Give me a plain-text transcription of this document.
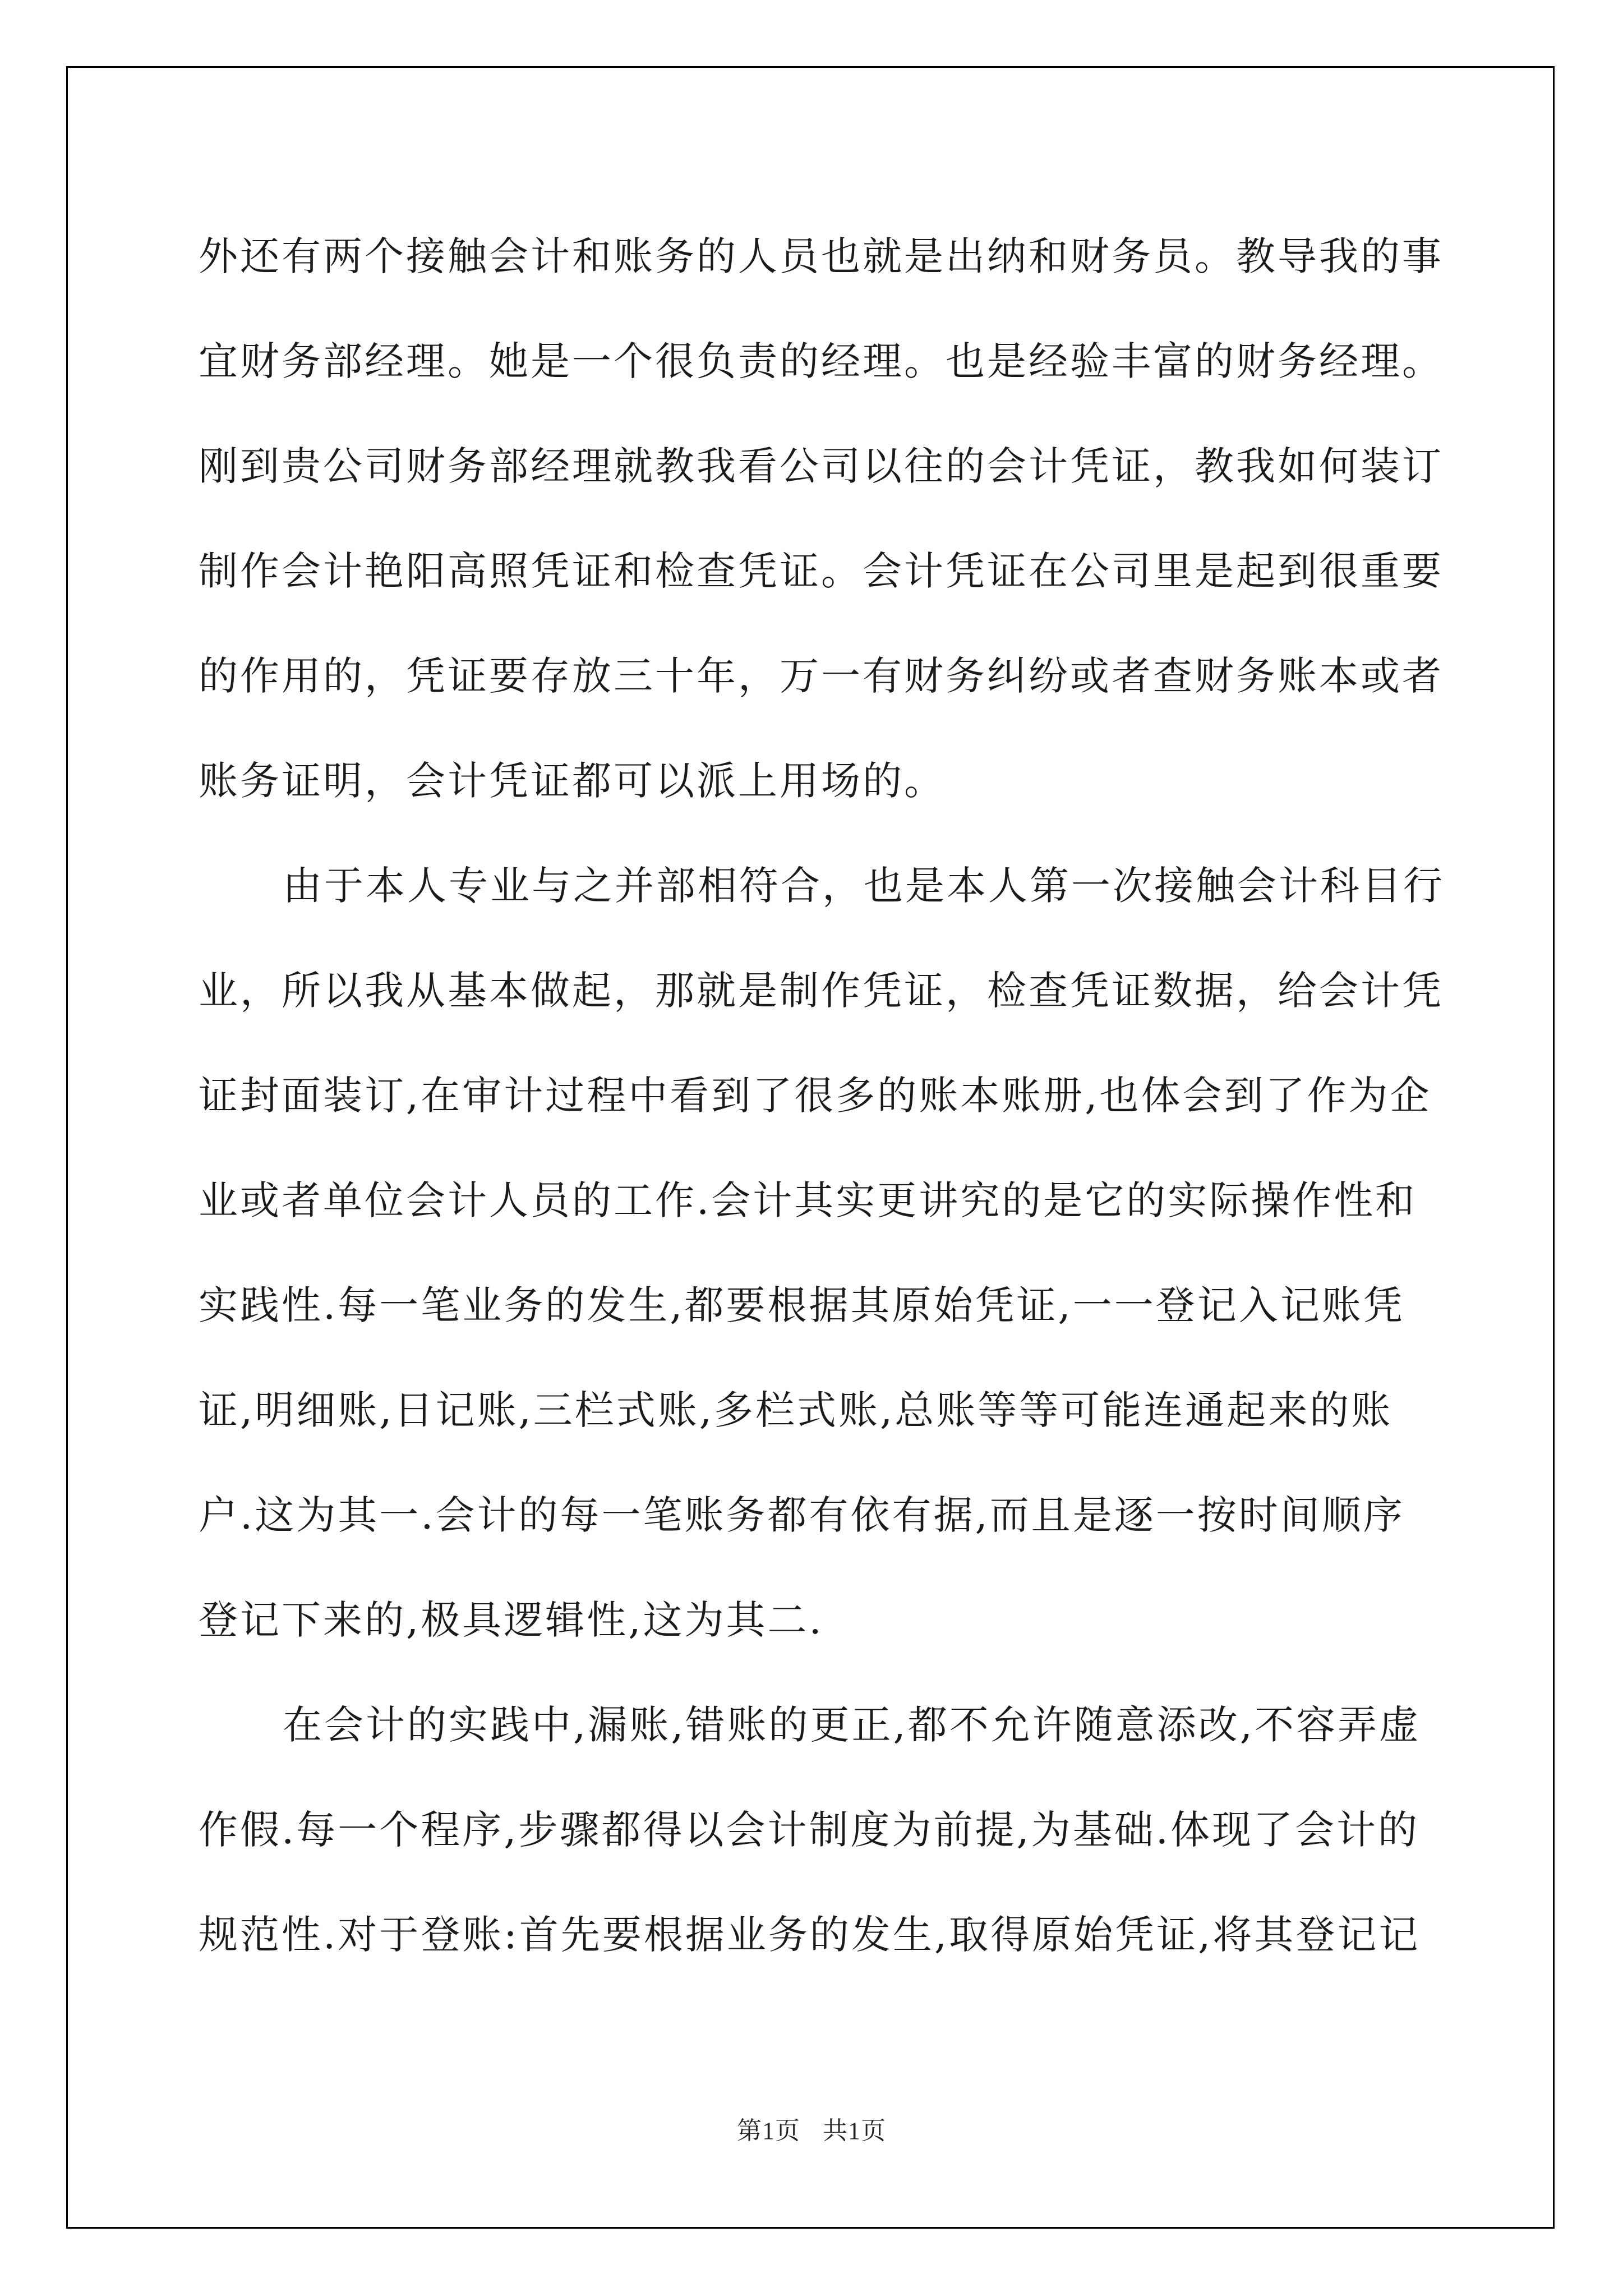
外还有两个接触会计和账务的人员也就是出纳和财务员。教导我的事
宜财务部经理。她是一个很负责的经理。也是经验丰富的财务经理。
刚到贵公司财务部经理就教我看公司以往的会计凭证，教我如何装订
制作会计艳阳高照凭证和检查凭证。会计凭证在公司里是起到很重要
的作用的，凭证要存放三十年，万一有财务纠纷或者查财务账本或者
账务证明，会计凭证都可以派上用场的。
由于本人专业与之并部相符合，也是本人第一次接触会计科目行
业，所以我从基本做起，那就是制作凭证，检查凭证数据，给会计凭
证封面装订,在审计过程中看到了很多的账本账册,也体会到了作为企
业或者单位会计人员的工作.会计其实更讲究的是它的实际操作性和
实践性.每一笔业务的发生,都要根据其原始凭证,一一登记入记账凭
证,明细账,日记账,三栏式账,多栏式账,总账等等可能连通起来的账
户.这为其一.会计的每一笔账务都有依有据,而且是逐一按时间顺序
登记下来的,极具逻辑性,这为其二.
在会计的实践中,漏账,错账的更正,都不允许随意添改,不容弄虚
作假.每一个程序,步骤都得以会计制度为前提,为基础.体现了会计的
规范性.对于登账:首先要根据业务的发生,取得原始凭证,将其登记记
第1页 共1页
